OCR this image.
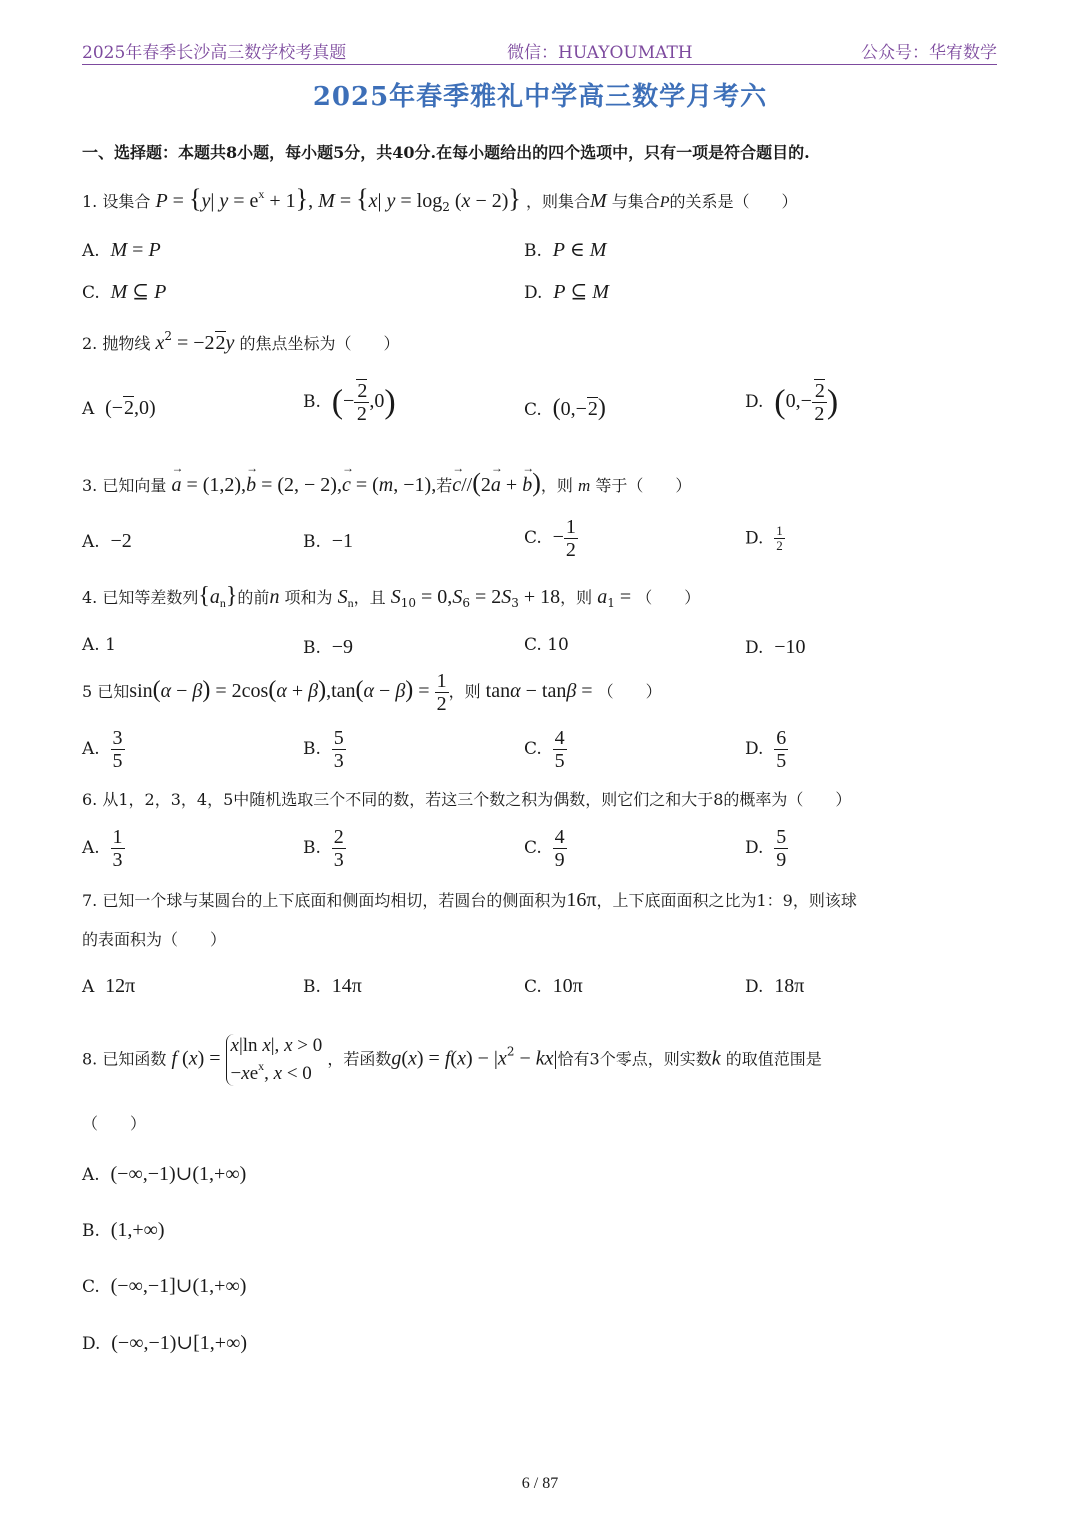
2025年春季长沙高三数学校考真题	微信：HUAYOUMATH	公众号：华宥数学
2025年春季雅礼中学高三数学月考六
一、选择题：本题共8小题，每小题5分，共40分.在每小题给出的四个选项中，只有一项是符合题目的.
1. 设集合 P = {y| $y = e^x + 1$}, M = {x| $y = \log_2 (x - 2)$} ，则集合M 与集合P的关系是（　　）
A. M = P	B. P ∈ M
C. M ⊆ P	D. P ⊆ M
2. 抛物线 $x^2 = -22y$ 的焦点坐标为（　　）
A (−2,0)	B. (− $\frac{2}{2} ,0$)	C. (0,−2)	D. ($0,- \frac{2}{2}$ )
3. 已知向量 → a = (1,2),→ b = (2, − 2),→ c = (m, −1),若→ c//(2→ a + → b)，则 m 等于（　　）
A. −2	B. −1	C. − $\frac{1}{2}$	D. $\frac{1}{2}$
4. 已知等差数列$\{a_n\}$的前n 项和为 $S_n$，且 $S_{10} = 0,S_6 = 2S_3 + 18$，则 $a_1$ = （　　）
A. 1	B. −9	C. 10	D. −10
5 已知$\sin(\alpha - \beta) = 2\cos(\alpha + \beta),\tan(\alpha - \beta) = \frac{1}{2}$ ，则 tanα − tanβ = （　　）
A. $\frac{3}{5}$	B. $\frac{5}{3}$	C. $\frac{4}{5}$	D. $\frac{6}{5}$
6. 从1，2，3，4，5中随机选取三个不同的数，若这三个数之积为偶数，则它们之和大于8的概率为（　　）
A. $\frac{1}{3}$	B. $\frac{2}{3}$	C. $\frac{4}{9}$	D. $\frac{5}{9}$
7. 已知一个球与某圆台的上下底面和侧面均相切，若圆台的侧面积为16π，上下底面面积之比为1：9，则该球
的表面积为（　　）
A 12π	B. 14π	C. 10π	D. 18π
8. 已知函数 f (x) =
x|ln x|, x > 0
$-xe^x$, x < 0
，若函数$g(x) = f(x) - |x^2 - kx|$恰有3个零点，则实数k 的取值范围是
（　　）
A. (−∞,−1)∪(1,+∞)
B. (1,+∞)
C. (−∞,−1]∪(1,+∞)
D. (−∞,−1)∪[1,+∞)
6 / 87
